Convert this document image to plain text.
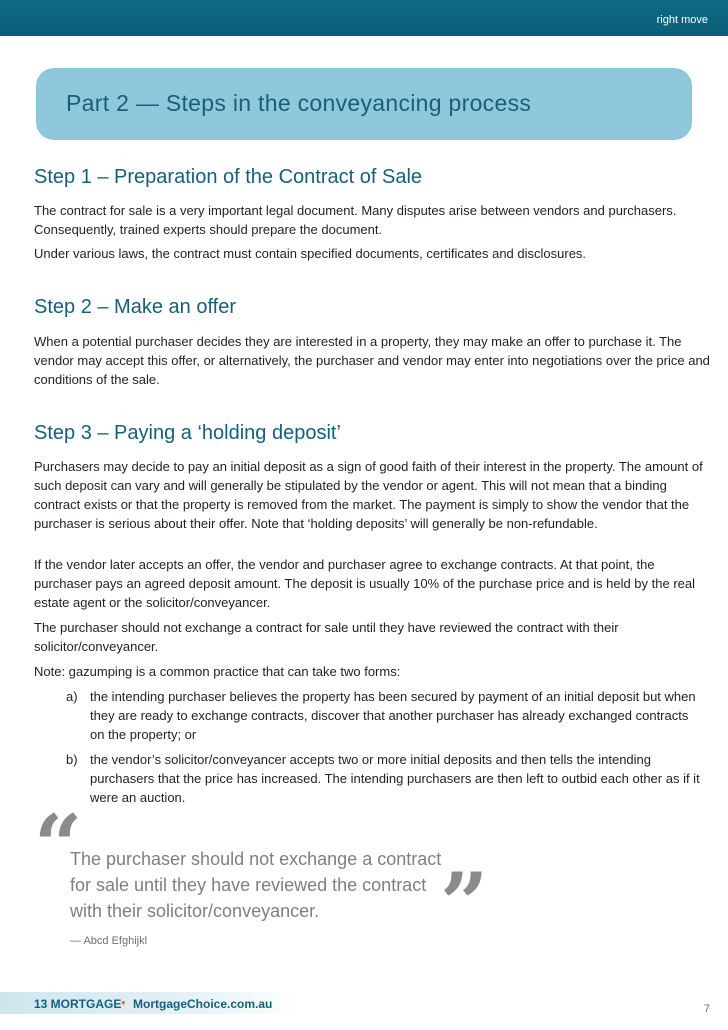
right move
Part 2 — Steps in the conveyancing process
Step 1 – Preparation of the Contract of Sale

The contract for sale is a very important legal document. Many disputes arise between vendors and purchasers. Consequently, trained experts should prepare the document.

Under various laws, the contract must contain specified documents, certificates and disclosures.

Step 2 – Make an offer

When a potential purchaser decides they are interested in a property, they may make an offer to purchase it. The vendor may accept this offer, or alternatively, the purchaser and vendor may enter into negotiations over the price and conditions of the sale.

Step 3 – Paying a ‘holding deposit’

Purchasers may decide to pay an initial deposit as a sign of good faith of their interest in the property. The amount of such deposit can vary and will generally be stipulated by the vendor or agent. This will not mean that a binding contract exists or that the property is removed from the market. The payment is simply to show the vendor that the purchaser is serious about their offer. Note that ‘holding deposits’ will generally be non-refundable.

If the vendor later accepts an offer, the vendor and purchaser agree to exchange contracts. At that point, the purchaser pays an agreed deposit amount. The deposit is usually 10% of the purchase price and is held by the real estate agent or the solicitor/conveyancer.

The purchaser should not exchange a contract for sale until they have reviewed the contract with their solicitor/conveyancer.

Note: gazumping is a common practice that can take two forms:

a) the intending purchaser believes the property has been secured by payment of an initial deposit but when they are ready to exchange contracts, discover that another purchaser has already exchanged contracts on the property; or
b) the vendor’s solicitor/conveyancer accepts two or more initial deposits and then tells the intending purchasers that the price has increased. The intending purchasers are then left to outbid each other as if it were an auction.
“

The purchaser should not exchange a contract for sale until they have reviewed the contract with their solicitor/conveyancer.	”
— Abcd Efghijkl
13 MORTGAGE • MortgageChoice.com.au	7
